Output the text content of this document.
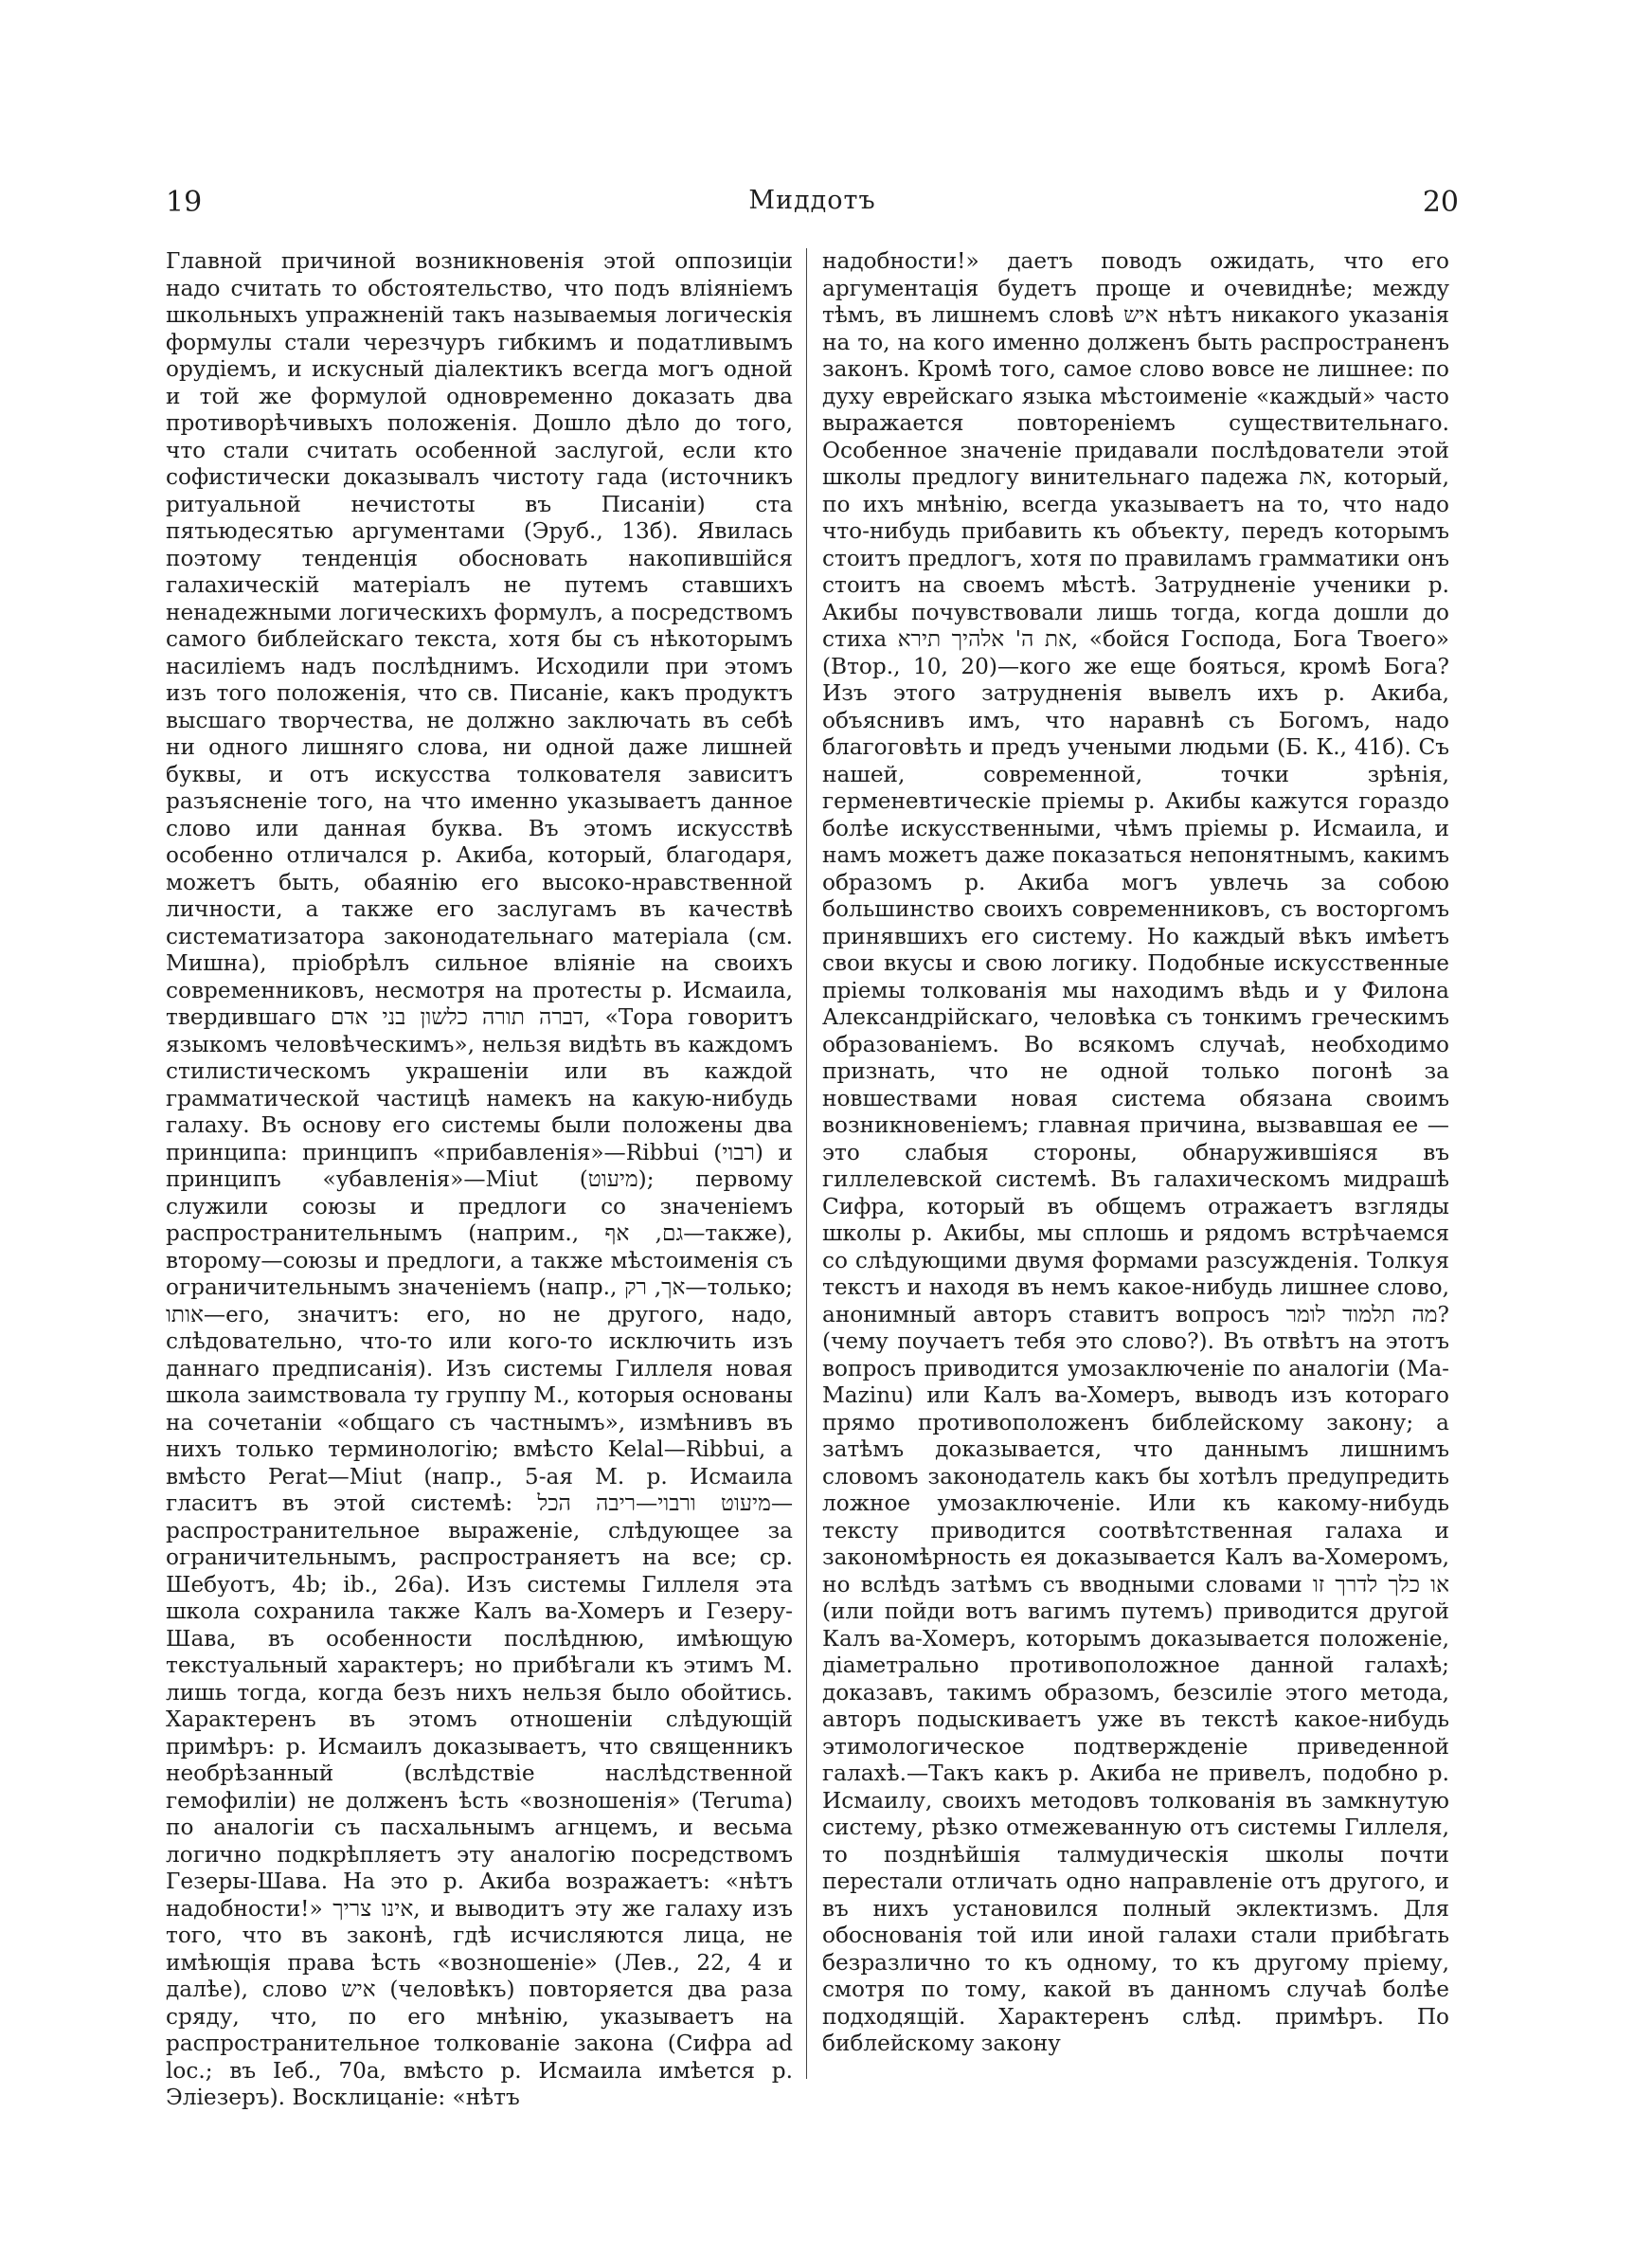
19	Миддотъ	20

Главной причиной возникновенія этой оппозиціи надо считать то обстоятельство, что подъ вліяніемъ школьныхъ упражненій такъ называемыя логическія формулы стали черезчуръ гибкимъ и податливымъ орудіемъ, и искусный діалектикъ всегда могъ одной и той же формулой одновременно доказать два противорѣчивыхъ положенія. Дошло дѣло до того, что стали считать особенной заслугой, если кто софистически доказывалъ чистоту гада (источникъ ритуальной нечистоты въ Писаніи) ста пятьюдесятью аргументами (Эруб., 13б). Явилась поэтому тенденція обосновать накопившійся галахическій матеріалъ не путемъ ставшихъ ненадежными логическихъ формулъ, а посредствомъ самого библейскаго текста, хотя бы съ нѣкоторымъ насиліемъ надъ послѣднимъ. Исходили при этомъ изъ того положенія, что св. Писаніе, какъ продуктъ высшаго творчества, не должно заключать въ себѣ ни одного лишняго слова, ни одной даже лишней буквы, и отъ искусства толкователя зависитъ разъясненіе того, на что именно указываетъ данное слово или данная буква. Въ этомъ искусствѣ особенно отличался р. Акиба, который, благодаря, можетъ быть, обаянію его высоко-нравственной личности, а также его заслугамъ въ качествѣ систематизатора законодательнаго матеріала (см. Мишна), пріобрѣлъ сильное вліяніе на своихъ современниковъ, несмотря на протесты р. Исмаила, твердившаго דברה תורה כלשון בני אדם, «Тора говоритъ языкомъ человѣческимъ», нельзя видѣть въ каждомъ стилистическомъ украшеніи или въ каждой грамматической частицѣ намекъ на какую-нибудь галаху. Въ основу его системы были положены два принципа: принципъ «прибавленія»—Ribbui (רבוי) и принципъ «убавленія»—Miut (מיעוט); первому служили союзы и предлоги со значеніемъ распространительнымъ (наприм., גם, אף—также), второму—союзы и предлоги, а также мѣстоименія съ ограничительнымъ значеніемъ (напр., אך, רק—только; אותו—его, значитъ: его, но не другого, надо, слѣдовательно, что-то или кого-то исключить изъ даннаго предписанія). Изъ системы Гиллеля новая школа заимствовала ту группу М., которыя основаны на сочетаніи «общаго съ частнымъ», измѣнивъ въ нихъ только терминологію; вмѣсто Kelal—Ribbui, а вмѣсто Perat—Miut (напр., 5-ая М. р. Исмаила гласитъ въ этой системѣ: מיעוט ורבוי—ריבה הכל—распространительное выраженіе, слѣдующее за ограничительнымъ, распространяетъ на все; ср. Шебуотъ, 4b; ib., 26a). Изъ системы Гиллеля эта школа сохранила также Калъ ва-Хомеръ и Гезеру-Шава, въ особенности послѣднюю, имѣющую текстуальный характеръ; но прибѣгали къ этимъ М. лишь тогда, когда безъ нихъ нельзя было обойтись. Характеренъ въ этомъ отношеніи слѣдующій примѣръ: р. Исмаилъ доказываетъ, что священникъ необрѣзанный (вслѣдствіе наслѣдственной гемофиліи) не долженъ ѣсть «возношенія» (Teruma) по аналогіи съ пасхальнымъ агнцемъ, и весьма логично подкрѣпляетъ эту аналогію посредствомъ Гезеры-Шава. На это р. Акиба возражаетъ: «нѣтъ надобности!» אינו צריך, и выводитъ эту же галаху изъ того, что въ законѣ, гдѣ исчисляются лица, не имѣющія права ѣсть «возношеніе» (Лев., 22, 4 и далѣе), слово איש (человѣкъ) повторяется два раза сряду, что, по его мнѣнію, указываетъ на распространительное толкованіе закона (Сифра ad loc.; въ Іеб., 70a, вмѣсто р. Исмаила имѣется р. Элiезеръ). Восклицаніе: «нѣтъ

надобности!» даетъ поводъ ожидать, что его аргументація будетъ проще и очевиднѣе; между тѣмъ, въ лишнемъ словѣ איש нѣтъ никакого указанія на то, на кого именно долженъ быть распространенъ законъ. Кромѣ того, самое слово вовсе не лишнее: по духу еврейскаго языка мѣстоименіе «каждый» часто выражается повтореніемъ существительнаго. Особенное значеніе придавали послѣдователи этой школы предлогу винительнаго падежа את, который, по ихъ мнѣнію, всегда указываетъ на то, что надо что-нибудь прибавить къ объекту, передъ которымъ стоитъ предлогъ, хотя по правиламъ грамматики онъ стоитъ на своемъ мѣстѣ. Затрудненіе ученики р. Акибы почувствовали лишь тогда, когда дошли до стиха את ה' אלהיך תירא, «бойся Господа, Бога Твоего» (Втор., 10, 20)—кого же еще бояться, кромѣ Бога? Изъ этого затрудненія вывелъ ихъ р. Акиба, объяснивъ имъ, что наравнѣ съ Богомъ, надо благоговѣть и предъ учеными людьми (Б. К., 41б). Съ нашей, современной, точки зрѣнія, герменевтическіе пріемы р. Акибы кажутся гораздо болѣе искусственными, чѣмъ пріемы р. Исмаила, и намъ можетъ даже показаться непонятнымъ, какимъ образомъ р. Акиба могъ увлечь за собою большинство своихъ современниковъ, съ восторгомъ принявшихъ его систему. Но каждый вѣкъ имѣетъ свои вкусы и свою логику. Подобные искусственные пріемы толкованія мы находимъ вѣдь и у Филона Александрійскаго, человѣка съ тонкимъ греческимъ образованіемъ. Во всякомъ случаѣ, необходимо признать, что не одной только погонѣ за новшествами новая система обязана своимъ возникновеніемъ; главная причина, вызвавшая ее — это слабыя стороны, обнаружившіяся въ гиллелевской системѣ. Въ галахическомъ мидрашѣ Сифра, который въ общемъ отражаетъ взгляды школы р. Акибы, мы сплошь и рядомъ встрѣчаемся со слѣдующими двумя формами разсужденія. Толкуя текстъ и находя въ немъ какое-нибудь лишнее слово, анонимный авторъ ставитъ вопросъ מה תלמוד לומר? (чему поучаетъ тебя это слово?). Въ отвѣтъ на этотъ вопросъ приводится умозаключеніе по аналогіи (Ma-Mazinu) или Калъ ва-Хомеръ, выводъ изъ котораго прямо противоположенъ библейскому закону; а затѣмъ доказывается, что даннымъ лишнимъ словомъ законодатель какъ бы хотѣлъ предупредить ложное умозаключеніе. Или къ какому-нибудь тексту приводится соотвѣтственная галаха и закономѣрность ея доказывается Калъ ва-Хомеромъ, но вслѣдъ затѣмъ съ вводными словами או כלך לדרך זו (или пойди вотъ вагимъ путемъ) приводится другой Калъ ва-Хомеръ, которымъ доказывается положеніе, діаметрально противоположное данной галахѣ; доказавъ, такимъ образомъ, безсиліе этого метода, авторъ подыскиваетъ уже въ текстѣ какое-нибудь этимологическое подтвержденіе приведенной галахѣ.—Такъ какъ р. Акиба не привелъ, подобно р. Исмаилу, своихъ методовъ толкованія въ замкнутую систему, рѣзко отмежеванную отъ системы Гиллеля, то позднѣйшія талмудическія школы почти перестали отличать одно направленіе отъ другого, и въ нихъ установился полный эклектизмъ. Для обоснованія той или иной галахи стали прибѣгать безразлично то къ одному, то къ другому пріему, смотря по тому, какой въ данномъ случаѣ болѣе подходящій. Характеренъ слѣд. примѣръ. По библейскому закону
